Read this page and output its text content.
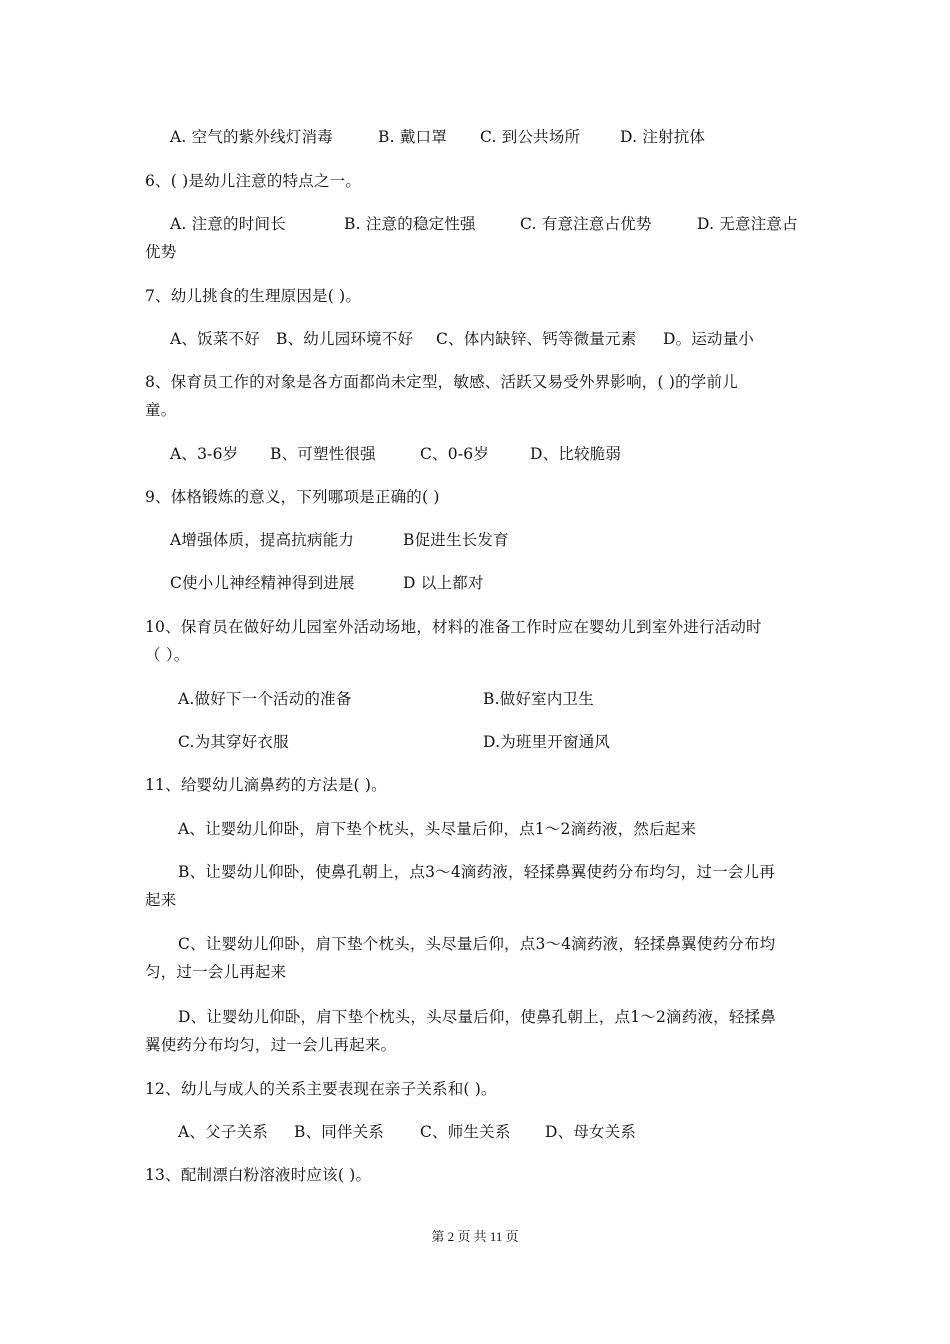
A. 空气的紫外线灯消毒	B. 戴口罩 C. 到公共场所	D. 注射抗体
6、( )是幼儿注意的特点之一。
A. 注意的时间长	B. 注意的稳定性强	C. 有意注意占优势	D. 无意注意占
优势
7、幼儿挑食的生理原因是( )。
A、饭菜不好 B、幼儿园环境不好 C、体内缺锌、钙等微量元素 D。运动量小
8、保育员工作的对象是各方面都尚未定型，敏感、活跃又易受外界影响，( )的学前儿
童。
A、3-6岁 B、可塑性很强	C、0-6岁	D、比较脆弱
9、体格锻炼的意义，下列哪项是正确的( )
A增强体质，提高抗病能力	B促进生长发育
C使小儿神经精神得到进展	D 以上都对
10、保育员在做好幼儿园室外活动场地，材料的准备工作时应在婴幼儿到室外进行活动时
（ ）。
A.做好下一个活动的准备	B.做好室内卫生
C.为其穿好衣服	D.为班里开窗通风
11、给婴幼儿滴鼻药的方法是( )。
A、让婴幼儿仰卧，肩下垫个枕头，头尽量后仰，点1～2滴药液，然后起来
B、让婴幼儿仰卧，使鼻孔朝上，点3～4滴药液，轻揉鼻翼使药分布均匀，过一会儿再
起来
C、让婴幼儿仰卧，肩下垫个枕头，头尽量后仰，点3～4滴药液，轻揉鼻翼使药分布均
匀，过一会儿再起来
D、让婴幼儿仰卧，肩下垫个枕头，头尽量后仰，使鼻孔朝上，点1～2滴药液，轻揉鼻
翼使药分布均匀，过一会儿再起来。
12、幼儿与成人的关系主要表现在亲子关系和( )。
A、父子关系 B、同伴关系 C、师生关系 D、母女关系
13、配制漂白粉溶液时应该( )。
第 2 页 共 11 页
